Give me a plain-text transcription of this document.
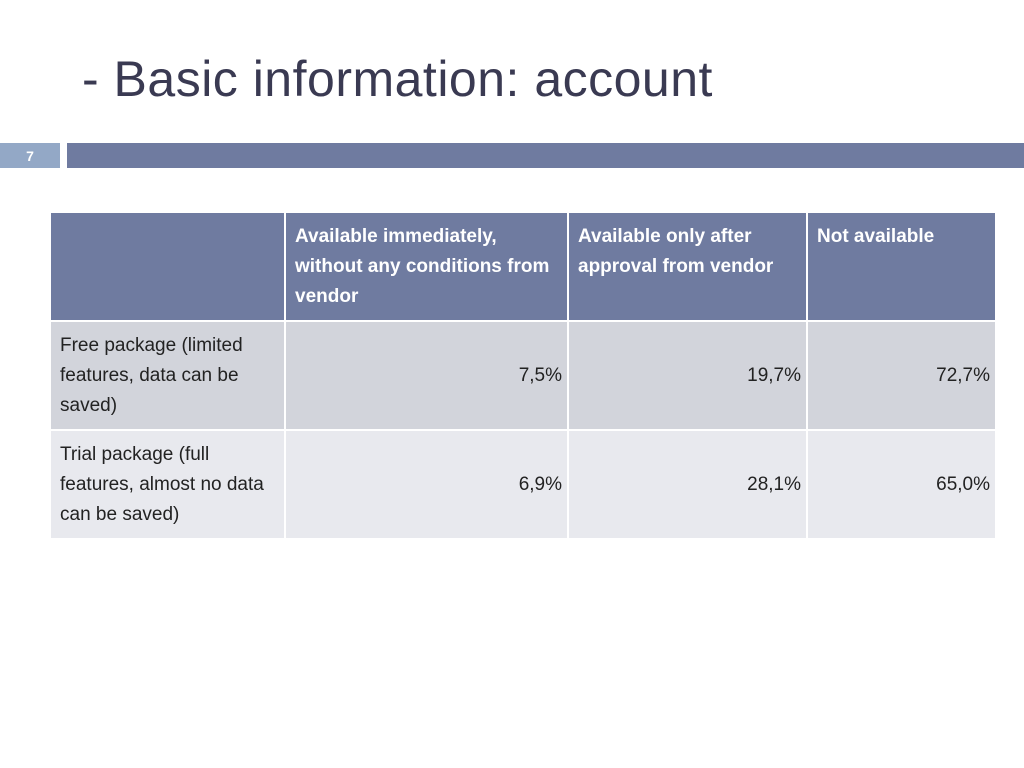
- Basic information: account
7
	Available immediately, without any conditions from vendor	Available only after approval from vendor	Not available
Free package (limited features, data can be saved)	7,5%	19,7%	72,7%
Trial package (full features, almost no data can be saved)	6,9%	28,1%	65,0%
